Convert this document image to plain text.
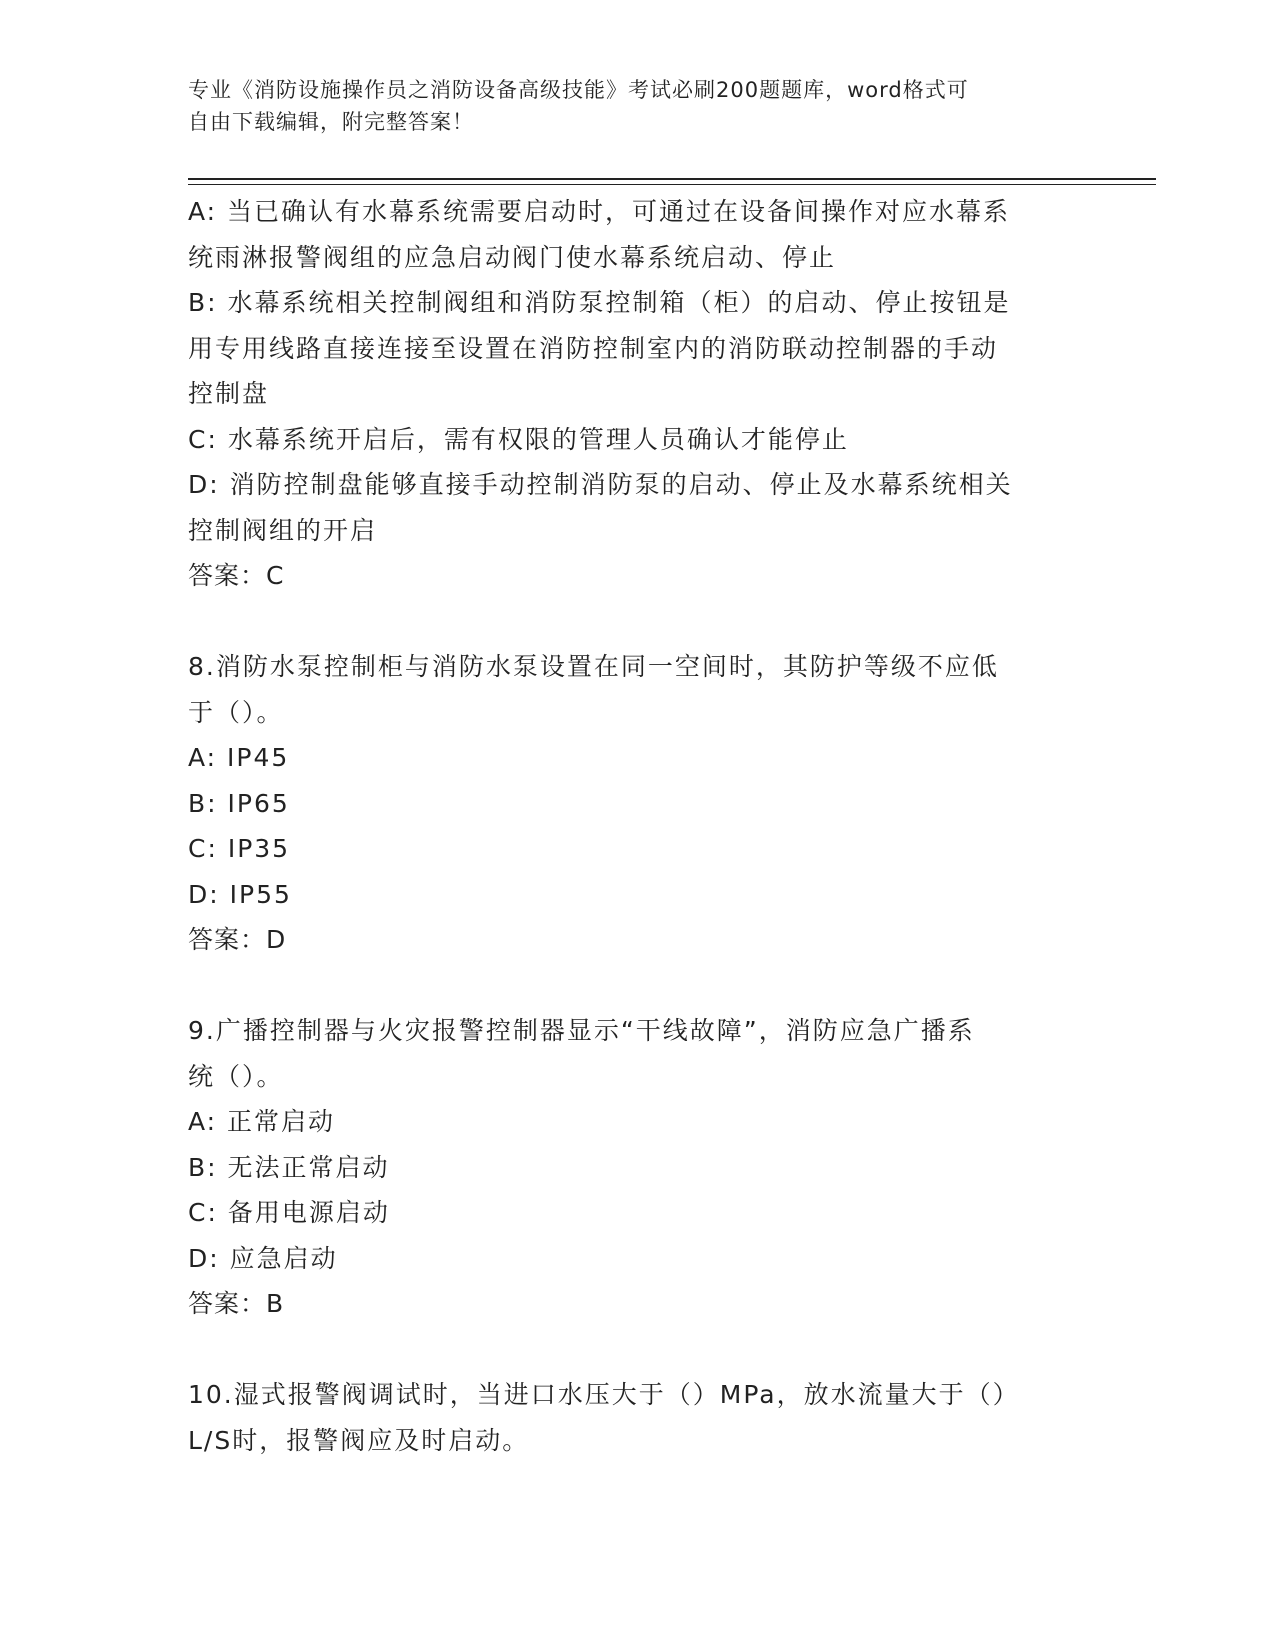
专业《消防设施操作员之消防设备高级技能》考试必刷200题题库，word格式可
自由下载编辑，附完整答案！
A: 当已确认有水幕系统需要启动时，可通过在设备间操作对应水幕系
统雨淋报警阀组的应急启动阀门使水幕系统启动、停止
B: 水幕系统相关控制阀组和消防泵控制箱（柜）的启动、停止按钮是
用专用线路直接连接至设置在消防控制室内的消防联动控制器的手动
控制盘
C: 水幕系统开启后，需有权限的管理人员确认才能停止
D: 消防控制盘能够直接手动控制消防泵的启动、停止及水幕系统相关
控制阀组的开启
答案：C
8.消防水泵控制柜与消防水泵设置在同一空间时，其防护等级不应低
于（）。
A: IP45
B: IP65
C: IP35
D: IP55
答案：D
9.广播控制器与火灾报警控制器显示“干线故障”，消防应急广播系
统（）。
A: 正常启动
B: 无法正常启动
C: 备用电源启动
D: 应急启动
答案：B
10.湿式报警阀调试时，当进口水压大于（）MPa，放水流量大于（）
L/S时，报警阀应及时启动。
